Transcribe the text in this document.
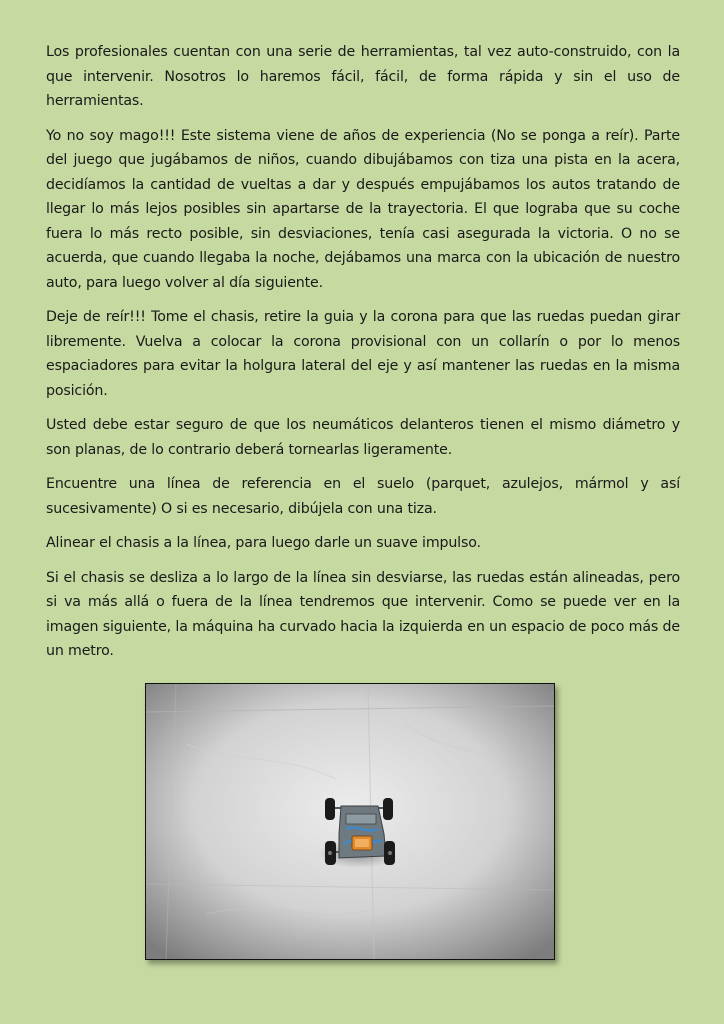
Los profesionales cuentan con una serie de herramientas, tal vez auto-construido, con la que intervenir. Nosotros lo haremos fácil, fácil, de forma rápida y sin el uso de herramientas.

Yo no soy mago!!! Este sistema viene de años de experiencia (No se ponga a reír). Parte del juego que jugábamos de niños, cuando dibujábamos con tiza una pista en la acera, decidíamos la cantidad de vueltas a dar y después empujábamos los autos tratando de llegar lo más lejos posibles sin apartarse de la trayectoria. El que lograba que su coche fuera lo más recto posible, sin desviaciones, tenía casi asegurada la victoria. O no se acuerda, que cuando llegaba la noche, dejábamos una marca con la ubicación de nuestro auto, para luego volver al día siguiente.

Deje de reír!!! Tome el chasis, retire la guia y la corona para que las ruedas puedan girar libremente. Vuelva a colocar la corona provisional con un collarín o por lo menos espaciadores para evitar la holgura lateral del eje y así mantener las ruedas en la misma posición.

Usted debe estar seguro de que los neumáticos delanteros tienen el mismo diámetro y son planas, de lo contrario deberá tornearlas ligeramente.

Encuentre una línea de referencia en el suelo (parquet, azulejos, mármol y así sucesivamente) O si es necesario, dibújela con una tiza.

Alinear el chasis a la línea, para luego darle un suave impulso.

Si el chasis se desliza a lo largo de la línea sin desviarse, las ruedas están alineadas, pero si va más allá o fuera de la línea tendremos que intervenir. Como se puede ver en la imagen siguiente, la máquina ha curvado hacia la izquierda en un espacio de poco más de un metro.
